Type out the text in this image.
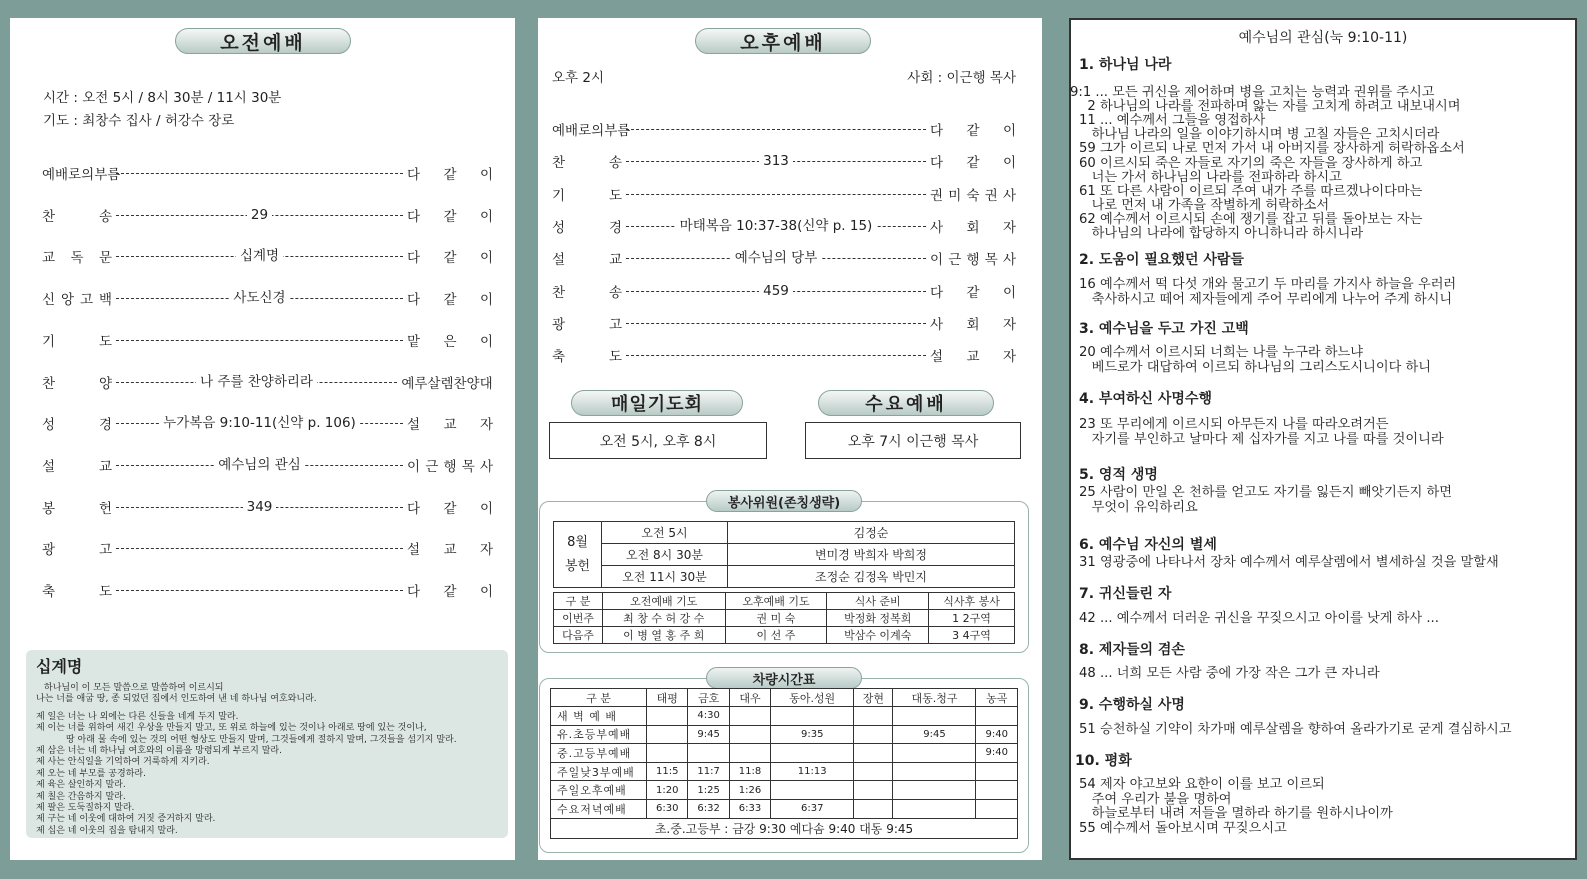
오전예배
시간 : 오전 5시 / 8시 30분 / 11시 30분
기도 : 최창수 집사 / 허강수 장로
예 배 로 의 부 름	다 같 이
찬	송	29	다 같 이
교 독 문	십계명	다 같 이
신 앙 고 백	사도신경	다 같 이
기	도	맡 은 이
찬	양	나 주를 찬양하리라	예루살렘찬양대
성	경	누가복음 9:10-11(신약 p. 106)	설 교 자
설	교	예수님의 관심	이 근 행 목 사
봉	헌	349	다 같 이
광	고	설 교 자
축	도	다 같 이
십계명

하나님이 이 모든 말씀으로 말씀하여 이르시되

나는 너를 애굽 땅, 종 되었던 집에서 인도하여 낸 네 하나님 여호와니라.

제 일은 너는 나 외에는 다른 신들을 네게 두지 말라.

제 이는 너를 위하여 새긴 우상을 만들지 말고, 또 위로 하늘에 있는 것이나 아래로 땅에 있는 것이나,

땅 아래 물 속에 있는 것의 어떤 형상도 만들지 말며, 그것들에게 절하지 말며, 그것들을 섬기지 말라.

제 삼은 너는 네 하나님 여호와의 이름을 망령되게 부르지 말라.

제 사는 안식일을 기억하여 거룩하게 지키라.

제 오는 네 부모를 공경하라.

제 육은 살인하지 말라.

제 칠은 간음하지 말라.

제 팔은 도둑질하지 말라.

제 구는 네 이웃에 대하여 거짓 증거하지 말라.

제 십은 네 이웃의 집을 탐내지 말라.

오후예배
오후 2시	사회 : 이근행 목사
예 배 로 의 부 름	다 같 이
찬	송	313	다 같 이
기	도	권 미 숙 권 사
성	경	마태복음 10:37-38(신약 p. 15)	사 회 자
설	교	예수님의 당부	이 근 행 목 사
찬	송	459	다 같 이
광	고	사 회 자
축	도	설 교 자
매일기도회	수요예배
오전 5시, 오후 8시	오후 7시 이근행 목사
봉사위원(존칭생략)
8월
봉헌	오전 5시	김정순
	오전 8시 30분	변미경 박희자 박희정
	오전 11시 30분	조정순 김정옥 박민지
구 분	오전예배 기도	오후예배 기도	식사 준비	식사후 봉사
이번주	최 창 수 허 강 수	권 미 숙	박정화 정복희	1 2구역
다음주	이 병 열 홍 주 희	이 선 주	박삼수 이계숙	3 4구역
차량시간표
구 분	태평	금호	대우	동아.성원	장현	대동.청구	농곡
새 벽 예 배		4:30					
유.초등부예배		9:45		9:35		9:45	9:40
중.고등부예배							9:40
주일낮3부예배	11:5	11:7	11:8	11:13			
주일오후예배	1:20	1:25	1:26				
수요저녁예배	6:30	6:32	6:33	6:37			
초.중.고등부 : 금강 9:30 예다솜 9:40 대동 9:45							
예수님의 관심(눅 9:10-11)
1. 하나님 나라
9:1 ... 모든 귀신을 제어하며 병을 고치는 능력과 권위를 주시고
2 하나님의 나라를 전파하며 앓는 자를 고치게 하려고 내보내시며
11 ... 예수께서 그들을 영접하사
하나님 나라의 일을 이야기하시며 병 고칠 자들은 고치시더라
59 그가 이르되 나로 먼저 가서 내 아버지를 장사하게 허락하옵소서
60 이르시되 죽은 자들로 자기의 죽은 자들을 장사하게 하고
너는 가서 하나님의 나라를 전파하라 하시고
61 또 다른 사람이 이르되 주여 내가 주를 따르겠나이다마는
나로 먼저 내 가족을 작별하게 허락하소서
62 예수께서 이르시되 손에 쟁기를 잡고 뒤를 돌아보는 자는
하나님의 나라에 합당하지 아니하니라 하시니라
2. 도움이 필요했던 사람들
16 예수께서 떡 다섯 개와 물고기 두 마리를 가지사 하늘을 우러러
축사하시고 떼어 제자들에게 주어 무리에게 나누어 주게 하시니
3. 예수님을 두고 가진 고백
20 예수께서 이르시되 너희는 나를 누구라 하느냐
베드로가 대답하여 이르되 하나님의 그리스도시니이다 하니
4. 부여하신 사명수행
23 또 무리에게 이르시되 아무든지 나를 따라오려거든
자기를 부인하고 날마다 제 십자가를 지고 나를 따를 것이니라
5. 영적 생명
25 사람이 만일 온 천하를 얻고도 자기를 잃든지 빼앗기든지 하면
무엇이 유익하리요
6. 예수님 자신의 별세
31 영광중에 나타나서 장차 예수께서 예루살렘에서 별세하실 것을 말할새
7. 귀신들린 자
42 ... 예수께서 더러운 귀신을 꾸짖으시고 아이를 낫게 하사 ...
8. 제자들의 겸손
48 ... 너희 모든 사람 중에 가장 작은 그가 큰 자니라
9. 수행하실 사명
51 승천하실 기약이 차가매 예루살렘을 향하여 올라가기로 굳게 결심하시고
10. 평화
54 제자 야고보와 요한이 이를 보고 이르되
주여 우리가 불을 명하여
하늘로부터 내려 저들을 멸하라 하기를 원하시나이까
55 예수께서 돌아보시며 꾸짖으시고
